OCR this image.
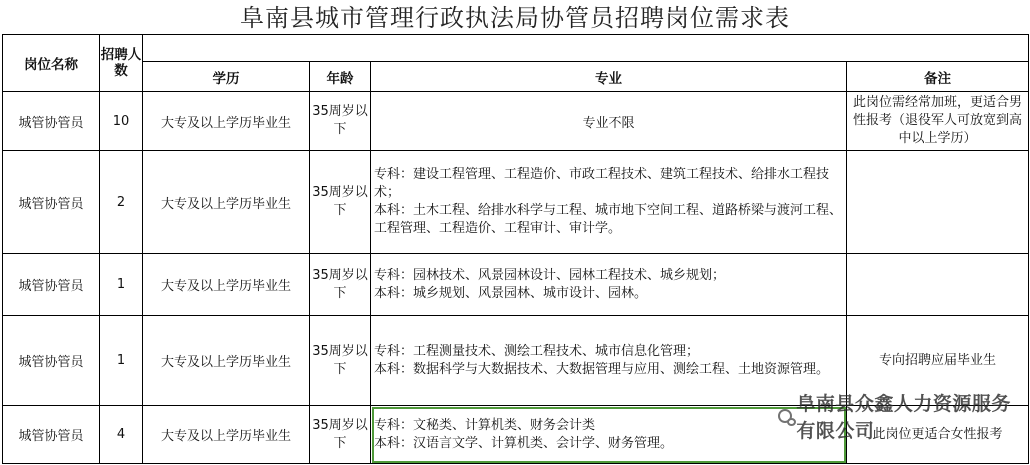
阜南县城市管理行政执法局协管员招聘岗位需求表
岗位名称	招聘人数				
		学历	年龄	专业	备注
城管协管员	10	大专及以上学历毕业生	35周岁以下	专业不限	此岗位需经常加班，更适合男性报考（退役军人可放宽到高中以上学历）
城管协管员	2	大专及以上学历毕业生	35周岁以下	专科：建设工程管理、工程造价、市政工程技术、建筑工程技术、给排水工程技术；
本科：土木工程、给排水科学与工程、城市地下空间工程、道路桥梁与渡河工程、工程管理、工程造价、工程审计、审计学。	

城管协管员	1	大专及以上学历毕业生	35周岁以下	专科：园林技术、风景园林设计、园林工程技术、城乡规划；
本科：城乡规划、风景园林、城市设计、园林。	

城管协管员	1	大专及以上学历毕业生	35周岁以下	专科：工程测量技术、测绘工程技术、城市信息化管理；
本科：数据科学与大数据技术、大数据管理与应用、测绘工程、土地资源管理。	专向招聘应届毕业生
城管协管员	4	大专及以上学历毕业生	35周岁以下	专科：文秘类、计算机类、财务会计类
本科：汉语言文学、计算机类、会计学、财务管理。	此岗位更适合女性报考
阜南县众鑫人力资源服务有限公司
